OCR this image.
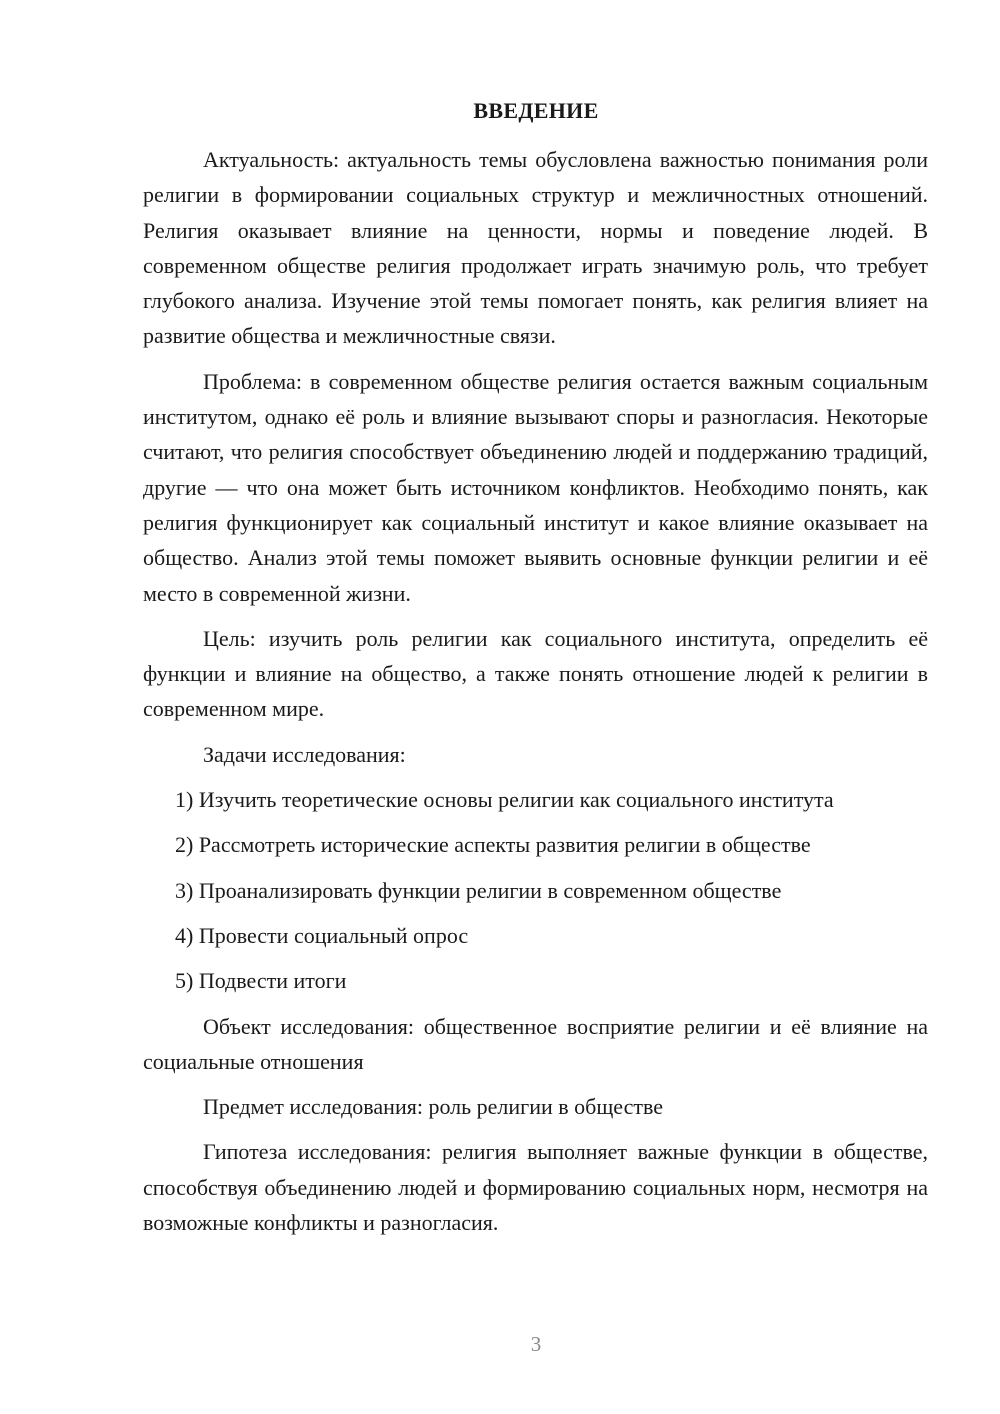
ВВЕДЕНИЕ

Актуальность: актуальность темы обусловлена важностью понимания роли религии в формировании социальных структур и межличностных отношений. Религия оказывает влияние на ценности, нормы и поведение людей. В современном обществе религия продолжает играть значимую роль, что требует глубокого анализа. Изучение этой темы помогает понять, как религия влияет на развитие общества и межличностные связи.

Проблема: в современном обществе религия остается важным социальным институтом, однако её роль и влияние вызывают споры и разногласия. Некоторые считают, что религия способствует объединению людей и поддержанию традиций, другие — что она может быть источником конфликтов. Необходимо понять, как религия функционирует как социальный институт и какое влияние оказывает на общество. Анализ этой темы поможет выявить основные функции религии и её место в современной жизни.

Цель: изучить роль религии как социального института, определить её функции и влияние на общество, а также понять отношение людей к религии в современном мире.

Задачи исследования:

1) Изучить теоретические основы религии как социального института
2) Рассмотреть исторические аспекты развития религии в обществе
3) Проанализировать функции религии в современном обществе
4) Провести социальный опрос
5) Подвести итоги

Объект исследования: общественное восприятие религии и её влияние на социальные отношения

Предмет исследования: роль религии в обществе

Гипотеза исследования: религия выполняет важные функции в обществе, способствуя объединению людей и формированию социальных норм, несмотря на возможные конфликты и разногласия.

3
